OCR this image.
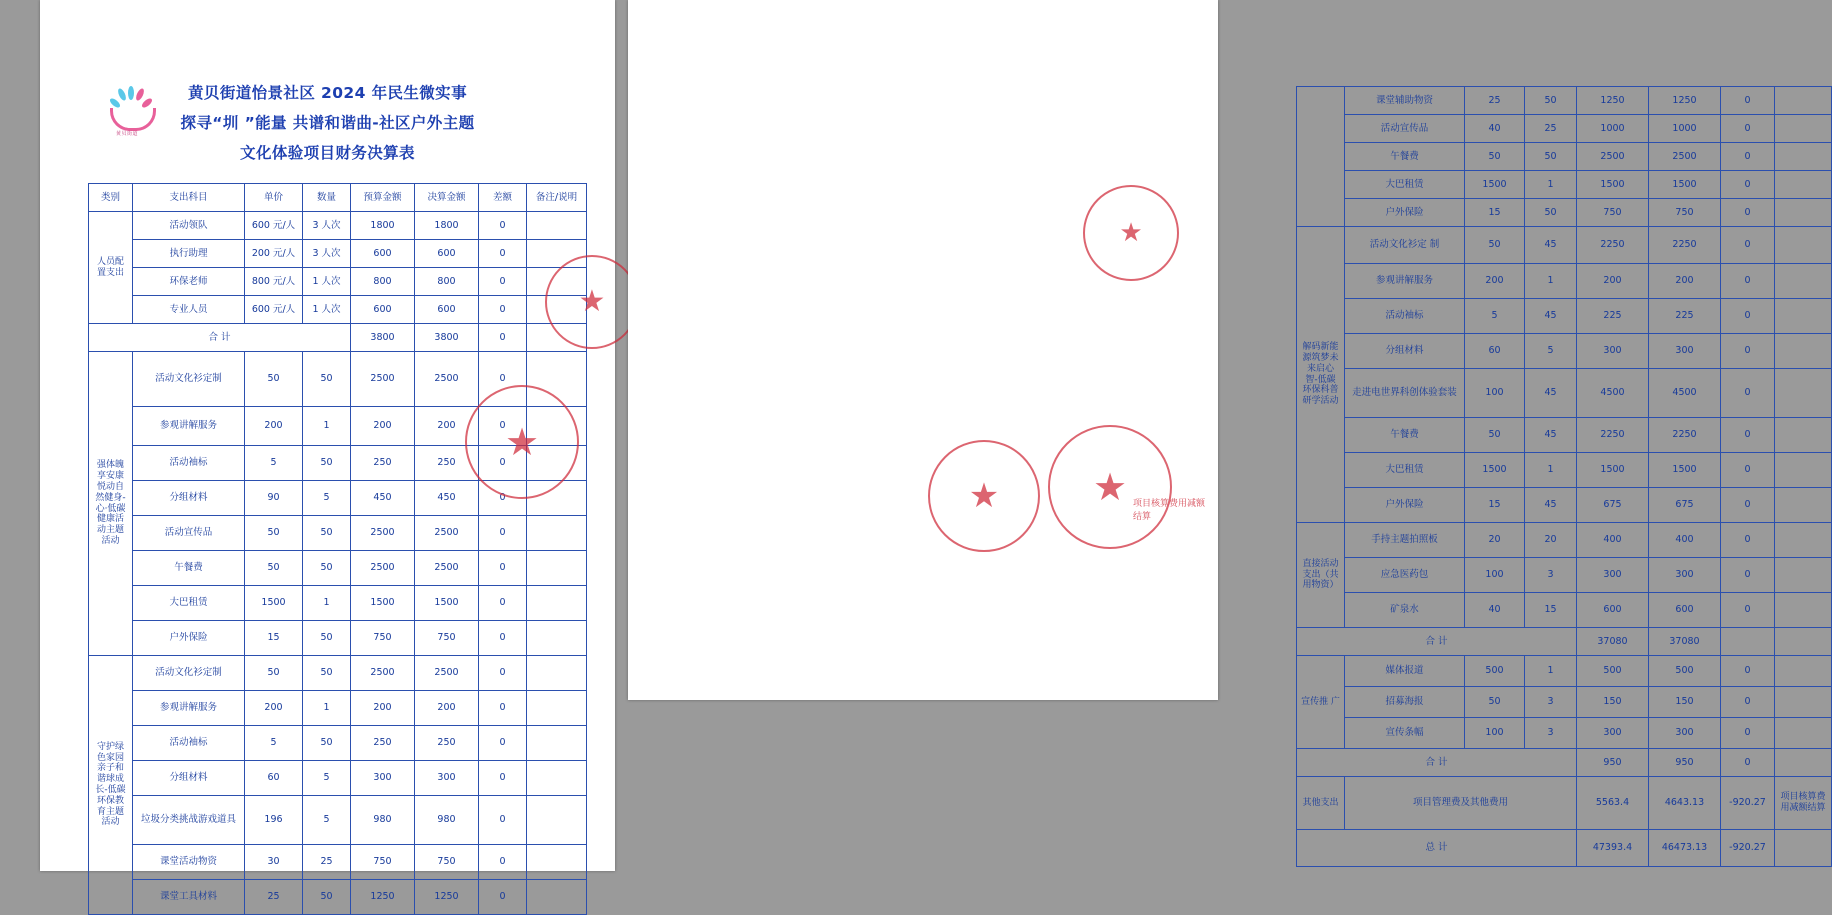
黄贝街道
黄贝街道怡景社区 2024 年民生微实事
探寻“圳 ”能量 共谱和谐曲-社区户外主题
文化体验项目财务决算表
类别	支出科目	单价	数量	预算金额	决算金额	差额	备注/说明
人员配置支出	活动领队	600 元/人	3 人次	1800	1800	0	
	执行助理	200 元/人	3 人次	600	600	0	
	环保老师	800 元/人	1 人次	800	800	0	
	专业人员	600 元/人	1 人次	600	600	0	
合 计				3800	3800	0	
强体魄享安康悦动自然健身-心·低碳健康活动主题活动	活动文化衫定制	50	50	2500	2500	0	
	参观讲解服务	200	1	200	200	0	
	活动袖标	5	50	250	250	0	
	分组材料	90	5	450	450	0	
	活动宣传品	50	50	2500	2500	0	
	午餐费	50	50	2500	2500	0	
	大巴租赁	1500	1	1500	1500	0	
	户外保险	15	50	750	750	0	
守护绿色家园亲子和谐球成长-低碳环保教育主题活动	活动文化衫定制	50	50	2500	2500	0	
	参观讲解服务	200	1	200	200	0	
	活动袖标	5	50	250	250	0	
	分组材料	60	5	300	300	0	
	垃圾分类挑战游戏道具	196	5	980	980	0	
	课堂活动物资	30	25	750	750	0	
	课堂工具材料	25	50	1250	1250	0	
★
★
	课堂辅助物资	25	50	1250	1250	0	
	活动宣传品	40	25	1000	1000	0	
	午餐费	50	50	2500	2500	0	
	大巴租赁	1500	1	1500	1500	0	
	户外保险	15	50	750	750	0	
解码新能源筑梦未来启心智-低碳环保科普研学活动	活动文化衫定 制	50	45	2250	2250	0	
	参观讲解服务	200	1	200	200	0	
	活动袖标	5	45	225	225	0	
	分组材料	60	5	300	300	0	
	走进电世界科创体验套装	100	45	4500	4500	0	
	午餐费	50	45	2250	2250	0	
	大巴租赁	1500	1	1500	1500	0	
	户外保险	15	45	675	675	0	
直接活动支出（共用物资）	手持主题拍照板	20	20	400	400	0	
	应急医药包	100	3	300	300	0	
	矿泉水	40	15	600	600	0	
合 计				37080	37080		
宣传推 广	媒体报道	500	1	500	500	0	
	招募海报	50	3	150	150	0	
	宣传条幅	100	3	300	300	0	
合 计				950	950	0	
其他支出	项目管理费及其他费用			5563.4	4643.13	-920.27	项目核算费用减额结算
总 计				47393.4	46473.13	-920.27	
★ ★
★
项目核算费用减额结算
